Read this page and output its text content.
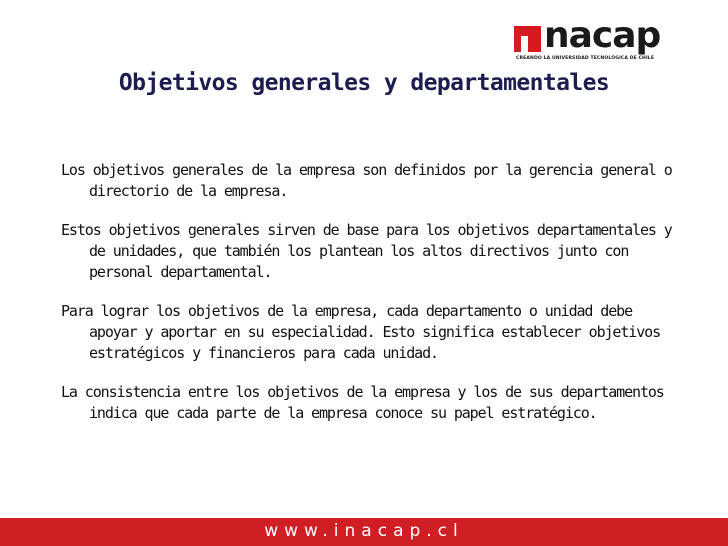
nacap
CREANDO LA UNIVERSIDAD TECNOLÓGICA DE CHILE
Objetivos generales y departamentales

Los objetivos generales de la empresa son definidos por la gerencia general o directorio de la empresa.

Estos objetivos generales sirven de base para los objetivos departamentales y de unidades, que también los plantean los altos directivos junto con personal departamental.

Para lograr los objetivos de la empresa, cada departamento o unidad debe apoyar y aportar en su especialidad. Esto significa establecer objetivos estratégicos y financieros para cada unidad.

La consistencia entre los objetivos de la empresa y los de sus departamentos indica que cada parte de la empresa conoce su papel estratégico.

www.inacap.cl
